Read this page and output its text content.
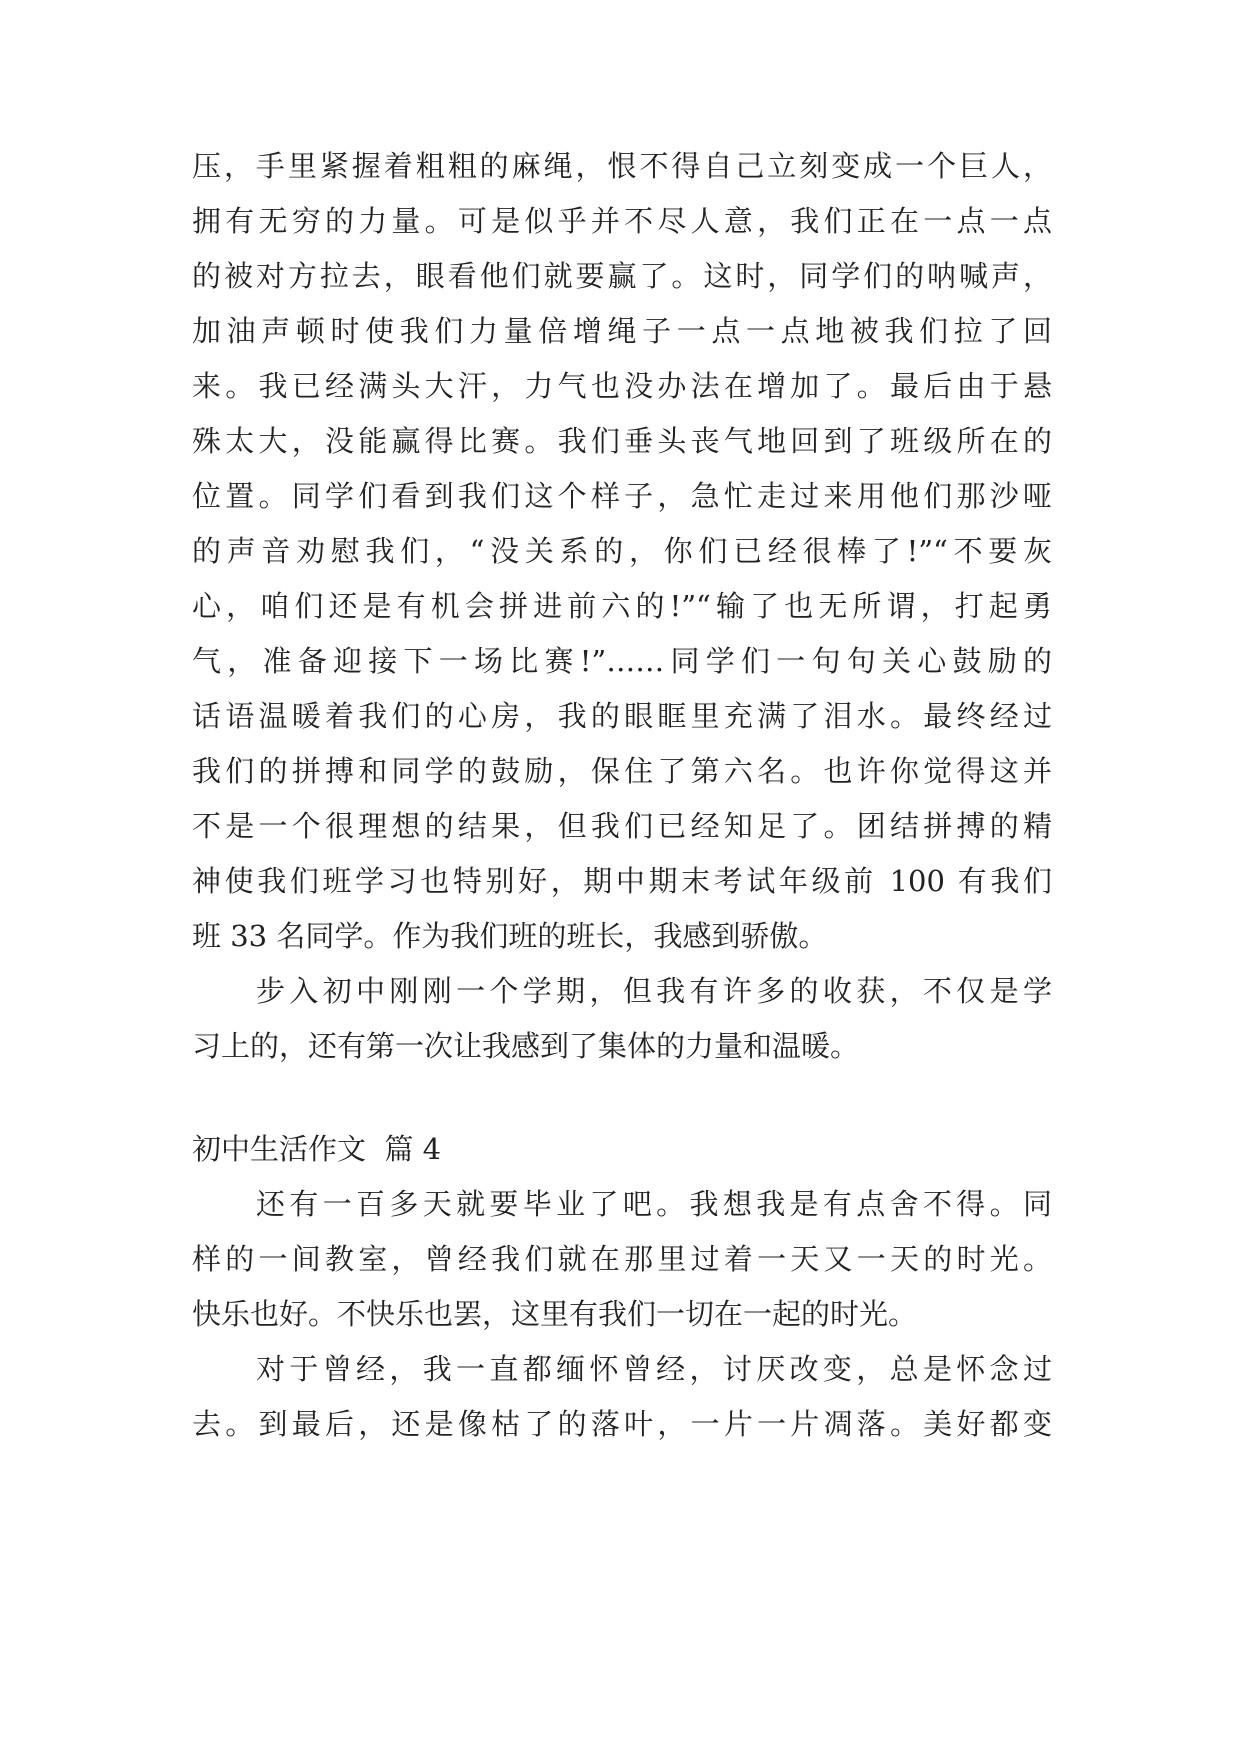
压，手里紧握着粗粗的麻绳，恨不得自己立刻变成一个巨人，
拥有无穷的力量。可是似乎并不尽人意，我们正在一点一点
的被对方拉去，眼看他们就要赢了。这时，同学们的呐喊声，
加油声顿时使我们力量倍增绳子一点一点地被我们拉了回
来。我已经满头大汗，力气也没办法在增加了。最后由于悬
殊太大，没能赢得比赛。我们垂头丧气地回到了班级所在的
位置。同学们看到我们这个样子，急忙走过来用他们那沙哑
的声音劝慰我们，“没关系的，你们已经很棒了!”“不要灰
心，咱们还是有机会拼进前六的!”“输了也无所谓，打起勇
气，准备迎接下一场比赛!”……同学们一句句关心鼓励的
话语温暖着我们的心房，我的眼眶里充满了泪水。最终经过
我们的拼搏和同学的鼓励，保住了第六名。也许你觉得这并
不是一个很理想的结果，但我们已经知足了。团结拼搏的精
神使我们班学习也特别好，期中期末考试年级前 100 有我们
班 33 名同学。作为我们班的班长，我感到骄傲。
步入初中刚刚一个学期，但我有许多的收获，不仅是学
习上的，还有第一次让我感到了集体的力量和温暖。
初中生活作文  篇 4
还有一百多天就要毕业了吧。我想我是有点舍不得。同
样的一间教室，曾经我们就在那里过着一天又一天的时光。
快乐也好。不快乐也罢，这里有我们一切在一起的时光。
对于曾经，我一直都缅怀曾经，讨厌改变，总是怀念过
去。到最后，还是像枯了的落叶，一片一片凋落。美好都变
